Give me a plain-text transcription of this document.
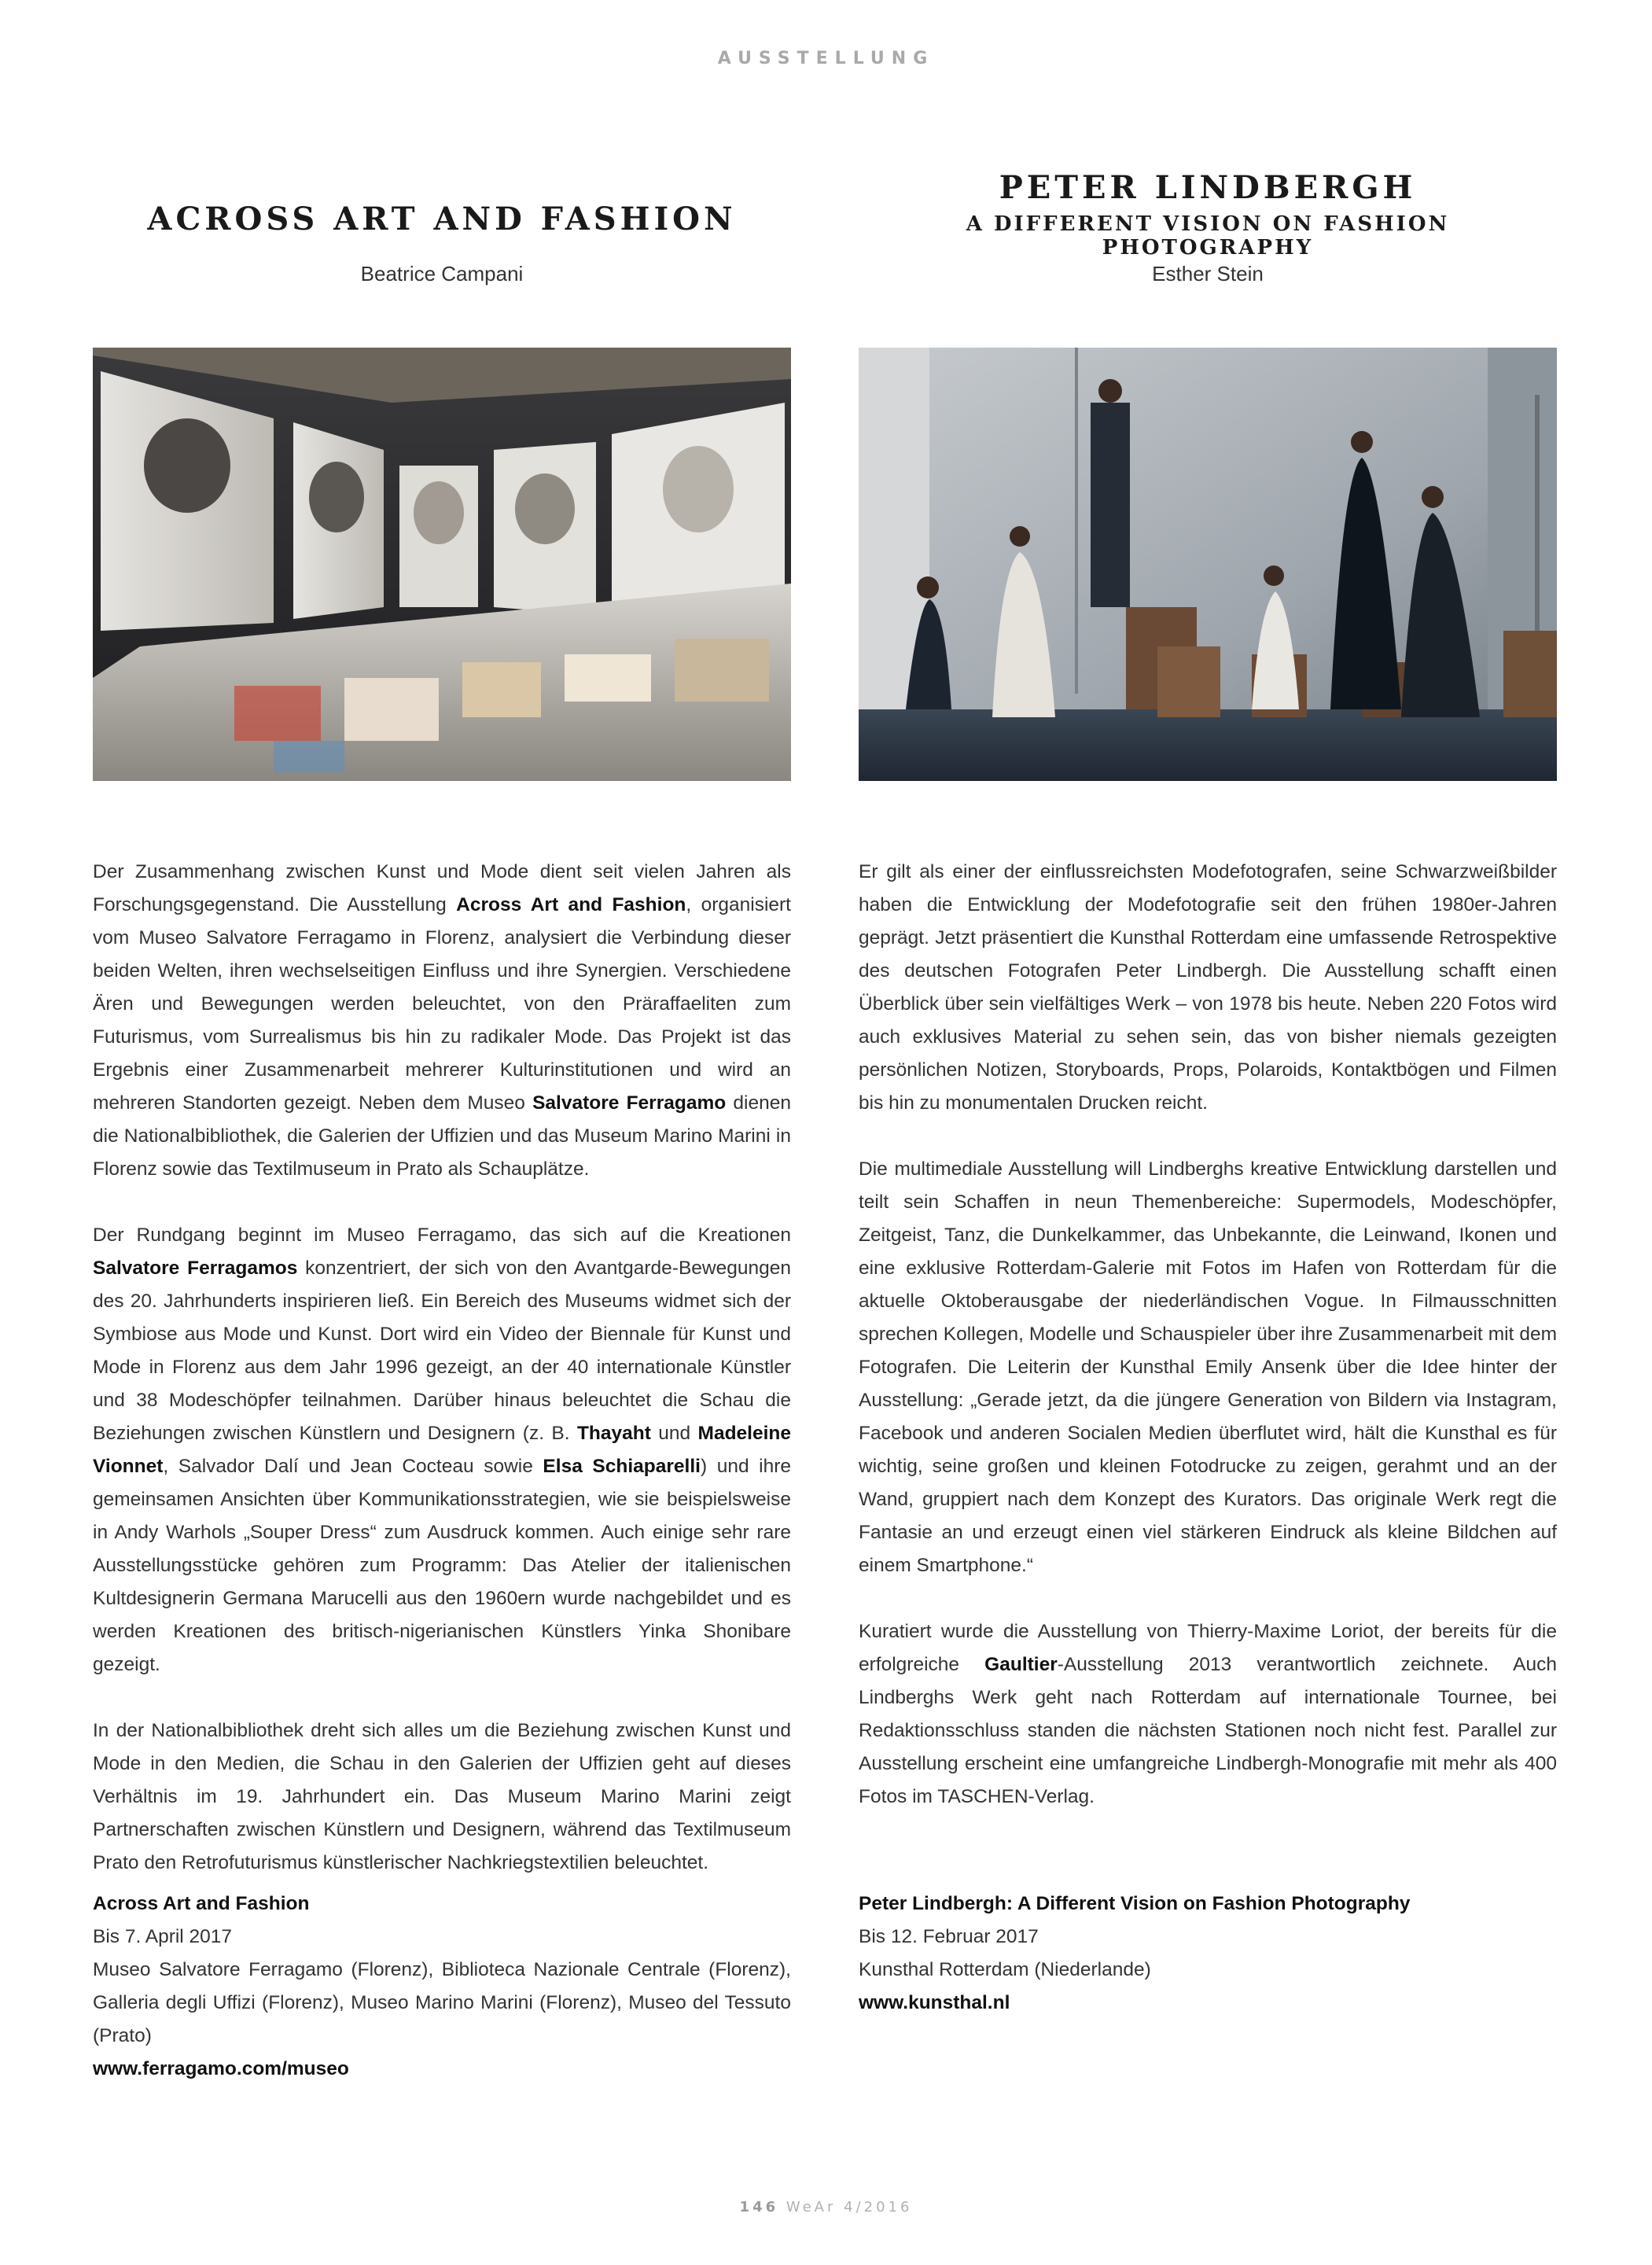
AUSSTELLUNG
ACROSS ART AND FASHION
Beatrice Campani

Der Zusammenhang zwischen Kunst und Mode dient seit vielen Jahren als Forschungsgegenstand. Die Ausstellung Across Art and Fashion, organisiert vom Museo Salvatore Ferragamo in Florenz, analysiert die Verbindung dieser beiden Welten, ihren wechselseitigen Einfluss und ihre Synergien. Verschiedene Ären und Bewegungen werden beleuchtet, von den Präraffaeliten zum Futurismus, vom Surrealismus bis hin zu radikaler Mode. Das Projekt ist das Ergebnis einer Zusammenarbeit mehrerer Kulturinstitutionen und wird an mehreren Standorten gezeigt. Neben dem Museo Salvatore Ferragamo dienen die Nationalbibliothek, die Galerien der Uffizien und das Museum Marino Marini in Florenz sowie das Textilmuseum in Prato als Schauplätze.

Der Rundgang beginnt im Museo Ferragamo, das sich auf die Kreationen Salvatore Ferragamos konzentriert, der sich von den Avantgarde-Bewegungen des 20. Jahrhunderts inspirieren ließ. Ein Bereich des Museums widmet sich der Symbiose aus Mode und Kunst. Dort wird ein Video der Biennale für Kunst und Mode in Florenz aus dem Jahr 1996 gezeigt, an der 40 internationale Künstler und 38 Modeschöpfer teilnahmen. Darüber hinaus beleuchtet die Schau die Beziehungen zwischen Künstlern und Designern (z. B. Thayaht und Madeleine Vionnet, Salvador Dalí und Jean Cocteau sowie Elsa Schiaparelli) und ihre gemeinsamen Ansichten über Kommunikationsstrategien, wie sie beispielsweise in Andy Warhols „Souper Dress“ zum Ausdruck kommen. Auch einige sehr rare Ausstellungsstücke gehören zum Programm: Das Atelier der italienischen Kultdesignerin Germana Marucelli aus den 1960ern wurde nachgebildet und es werden Kreationen des britisch-nigerianischen Künstlers Yinka Shonibare gezeigt.

In der Nationalbibliothek dreht sich alles um die Beziehung zwischen Kunst und Mode in den Medien, die Schau in den Galerien der Uffizien geht auf dieses Verhältnis im 19. Jahrhundert ein. Das Museum Marino Marini zeigt Partnerschaften zwischen Künstlern und Designern, während das Textilmuseum Prato den Retrofuturismus künstlerischer Nachkriegstextilien beleuchtet.

Across Art and Fashion
Bis 7. April 2017
Museo Salvatore Ferragamo (Florenz), Biblioteca Nazionale Centrale (Florenz), Galleria degli Uffizi (Florenz), Museo Marino Marini (Florenz), Museo del Tessuto (Prato)
www.ferragamo.com/museo
PETER LINDBERGH
A DIFFERENT VISION ON FASHION PHOTOGRAPHY
Esther Stein

Er gilt als einer der einflussreichsten Modefotografen, seine Schwarzweißbilder haben die Entwicklung der Modefotografie seit den frühen 1980er-Jahren geprägt. Jetzt präsentiert die Kunsthal Rotterdam eine umfassende Retrospektive des deutschen Fotografen Peter Lindbergh. Die Ausstellung schafft einen Überblick über sein vielfältiges Werk – von 1978 bis heute. Neben 220 Fotos wird auch exklusives Material zu sehen sein, das von bisher niemals gezeigten persönlichen Notizen, Storyboards, Props, Polaroids, Kontaktbögen und Filmen bis hin zu monumentalen Drucken reicht.

Die multimediale Ausstellung will Lindberghs kreative Entwicklung darstellen und teilt sein Schaffen in neun Themenbereiche: Supermodels, Modeschöpfer, Zeitgeist, Tanz, die Dunkelkammer, das Unbekannte, die Leinwand, Ikonen und eine exklusive Rotterdam-Galerie mit Fotos im Hafen von Rotterdam für die aktuelle Oktoberausgabe der niederländischen Vogue. In Filmausschnitten sprechen Kollegen, Modelle und Schauspieler über ihre Zusammenarbeit mit dem Fotografen. Die Leiterin der Kunsthal Emily Ansenk über die Idee hinter der Ausstellung: „Gerade jetzt, da die jüngere Generation von Bildern via Instagram, Facebook und anderen Socialen Medien überflutet wird, hält die Kunsthal es für wichtig, seine großen und kleinen Fotodrucke zu zeigen, gerahmt und an der Wand, gruppiert nach dem Konzept des Kurators. Das originale Werk regt die Fantasie an und erzeugt einen viel stärkeren Eindruck als kleine Bildchen auf einem Smartphone.“

Kuratiert wurde die Ausstellung von Thierry-Maxime Loriot, der bereits für die erfolgreiche Gaultier-Ausstellung 2013 verantwortlich zeichnete. Auch Lindberghs Werk geht nach Rotterdam auf internationale Tournee, bei Redaktionsschluss standen die nächsten Stationen noch nicht fest. Parallel zur Ausstellung erscheint eine umfangreiche Lindbergh-Monografie mit mehr als 400 Fotos im TASCHEN-Verlag.

Peter Lindbergh: A Different Vision on Fashion Photography
Bis 12. Februar 2017
Kunsthal Rotterdam (Niederlande)
www.kunsthal.nl
146 WeAr 4/2016
